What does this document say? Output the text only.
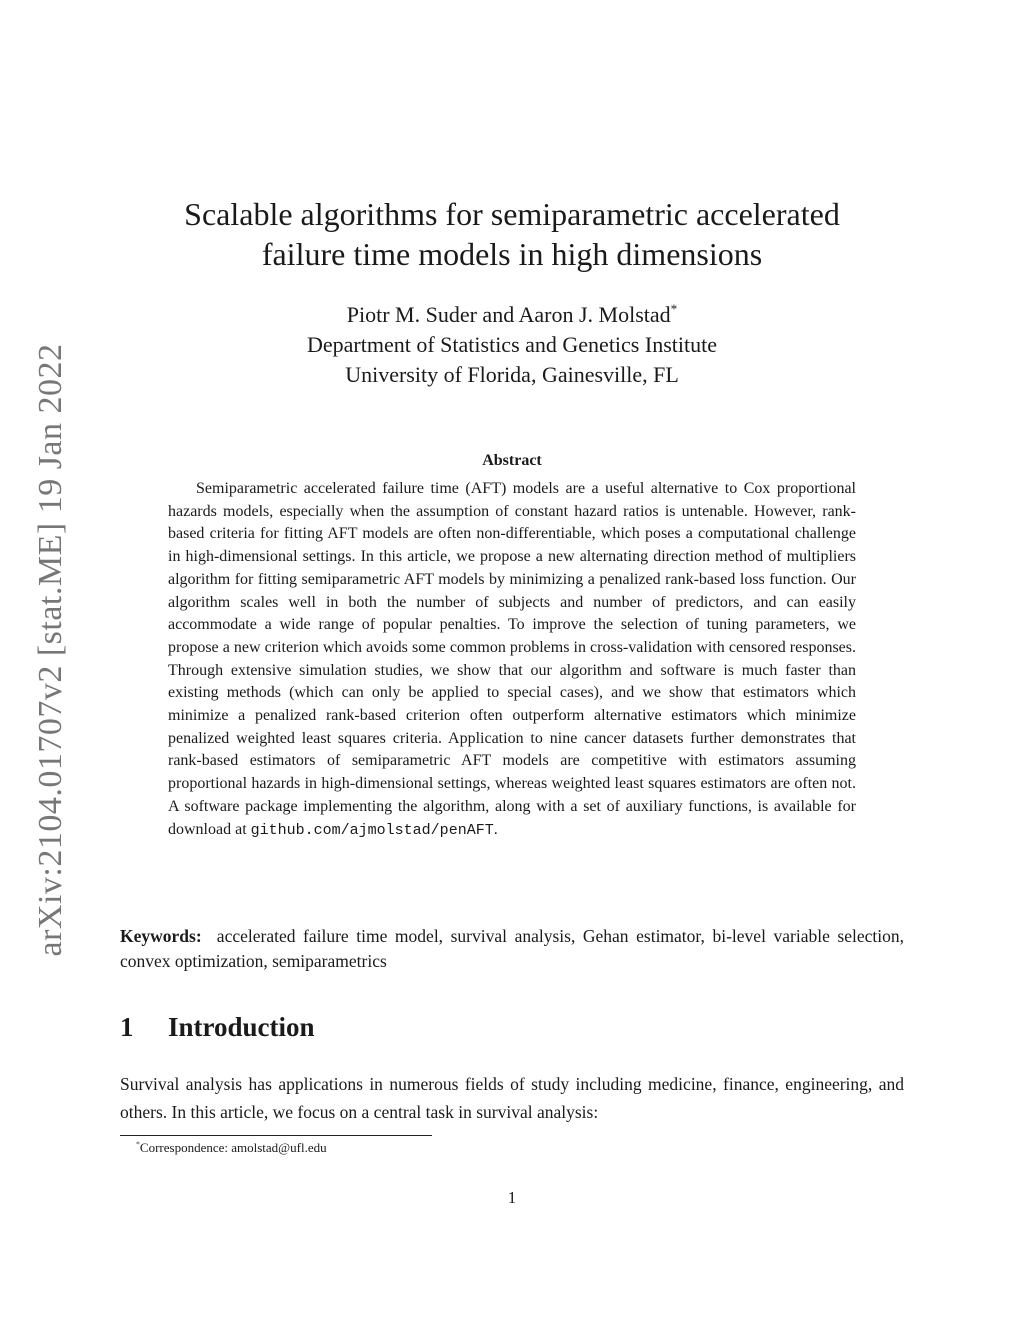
arXiv:2104.01707v2 [stat.ME] 19 Jan 2022
Scalable algorithms for semiparametric accelerated
failure time models in high dimensions
Piotr M. Suder and Aaron J. Molstad*
Department of Statistics and Genetics Institute
University of Florida, Gainesville, FL
Abstract
Semiparametric accelerated failure time (AFT) models are a useful alternative to Cox proportional hazards models, especially when the assumption of constant hazard ratios is untenable. However, rank-based criteria for fitting AFT models are often non-differentiable, which poses a computational challenge in high-dimensional settings. In this article, we propose a new alternating direction method of multipliers algorithm for fitting semiparametric AFT models by minimizing a penalized rank-based loss function. Our algorithm scales well in both the number of subjects and number of predictors, and can easily accommodate a wide range of popular penalties. To improve the selection of tuning parameters, we propose a new criterion which avoids some common problems in cross-validation with censored responses. Through extensive simulation studies, we show that our algorithm and software is much faster than existing methods (which can only be applied to special cases), and we show that estimators which minimize a penalized rank-based criterion often outperform alternative estimators which minimize penalized weighted least squares criteria. Application to nine cancer datasets further demonstrates that rank-based estimators of semiparametric AFT models are competitive with estimators assuming proportional hazards in high-dimensional settings, whereas weighted least squares estimators are often not. A software package implementing the algorithm, along with a set of auxiliary functions, is available for download at github.com/ajmolstad/penAFT.
Keywords: accelerated failure time model, survival analysis, Gehan estimator, bi-level variable selection, convex optimization, semiparametrics
1 Introduction
Survival analysis has applications in numerous fields of study including medicine, finance, engineering, and others. In this article, we focus on a central task in survival analysis:
*Correspondence: amolstad@ufl.edu
1
